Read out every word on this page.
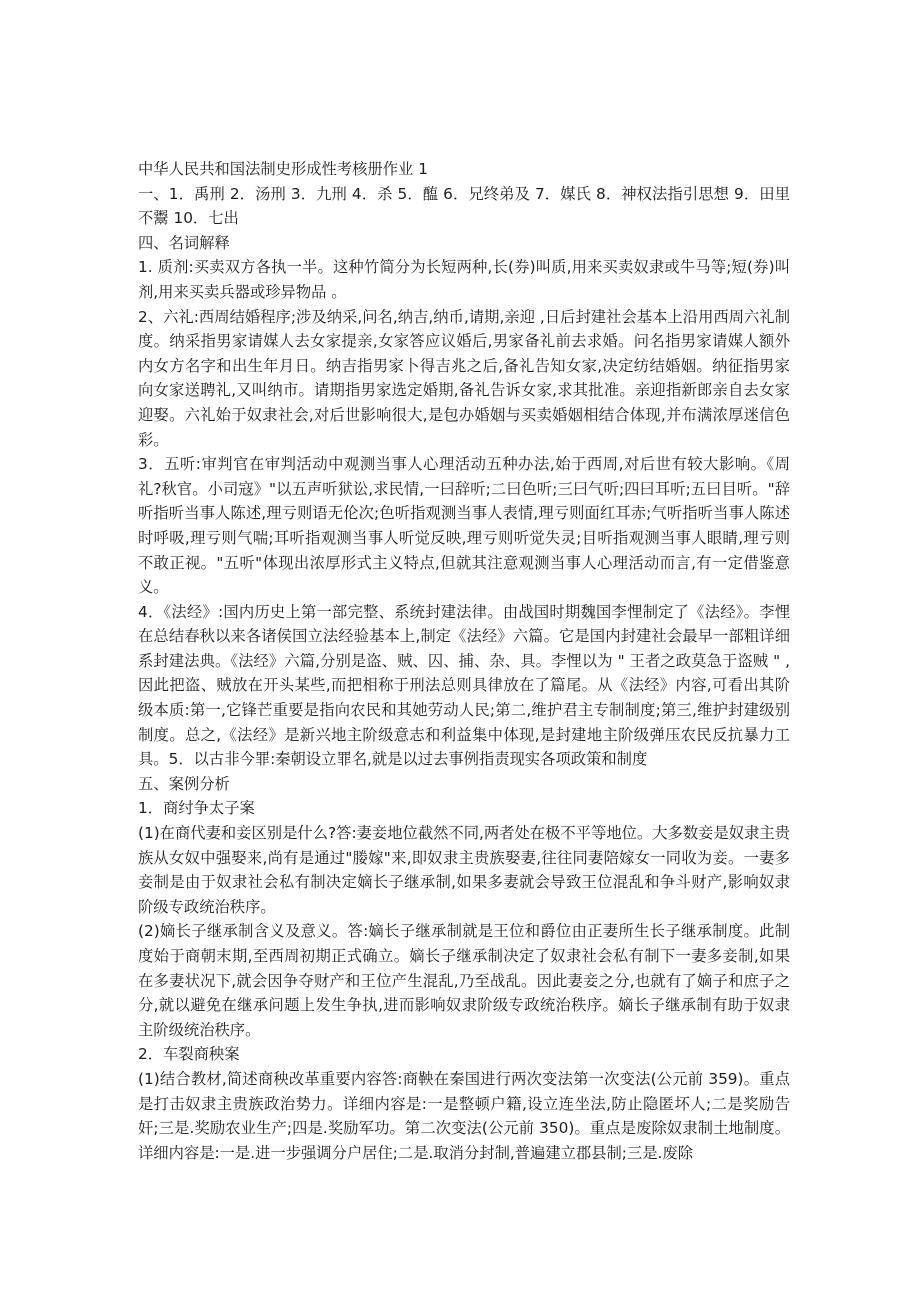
中华人民共和国法制史形成性考核册作业 1

一、1．禹刑 2．汤刑 3．九刑 4．杀 5．醢 6．兄终弟及 7．媒氏 8．神权法指引思想 9．田里不鬻 10．七出

四、名词解释

1. 质剂:买卖双方各执一半。这种竹简分为长短两种,长(券)叫质,用来买卖奴隶或牛马等;短(券)叫剂,用来买卖兵器或珍异物品 。

2、六礼:西周结婚程序;涉及纳采,问名,纳吉,纳币,请期,亲迎 ,日后封建社会基本上沿用西周六礼制度。纳采指男家请媒人去女家提亲,女家答应议婚后,男家备礼前去求婚。问名指男家请媒人额外内女方名字和出生年月日。纳吉指男家卜得吉兆之后,备礼告知女家,决定纺结婚姻。纳征指男家向女家送聘礼,又叫纳市。请期指男家选定婚期,备礼告诉女家,求其批准。亲迎指新郎亲自去女家迎娶。六礼始于奴隶社会,对后世影响很大,是包办婚姻与买卖婚姻相结合体现,并布满浓厚迷信色彩。

3．五听:审判官在审判活动中观测当事人心理活动五种办法,始于西周,对后世有较大影响。《周礼?秋官。小司寇》"以五声听狱讼,求民情,一曰辞听;二曰色听;三曰气听;四曰耳听;五曰目听。"辞听指听当事人陈述,理亏则语无伦次;色听指观测当事人表情,理亏则面红耳赤;气听指听当事人陈述时呼吸,理亏则气喘;耳听指观测当事人听觉反映,理亏则听觉失灵;目听指观测当事人眼睛,理亏则不敢正视。"五听"体现出浓厚形式主义特点,但就其注意观测当事人心理活动而言,有一定借鉴意义。

4．《法经》:国内历史上第一部完整、系统封建法律。由战国时期魏国李悝制定了《法经》。李悝在总结春秋以来各诸侯国立法经验基本上,制定《法经》六篇。它是国内封建社会最早一部粗详细系封建法典。《法经》六篇,分别是盗、贼、囚、捕、杂、具。李悝以为 " 王者之政莫急于盗贼 " ,因此把盗、贼放在开头某些,而把相称于刑法总则具律放在了篇尾。从《法经》内容,可看出其阶级本质:第一,它锋芒重要是指向农民和其她劳动人民;第二,维护君主专制制度;第三,维护封建级别制度。总之,《法经》是新兴地主阶级意志和利益集中体现,是封建地主阶级弹压农民反抗暴力工具。5．以古非今罪:秦朝设立罪名,就是以过去事例指责现实各项政策和制度

五、案例分析

1．商纣争太子案

(1)在商代妻和妾区别是什么?答:妻妾地位截然不同,两者处在极不平等地位。大多数妾是奴隶主贵族从女奴中强娶来,尚有是通过"媵嫁"来,即奴隶主贵族娶妻,往往同妻陪嫁女一同收为妾。一妻多妾制是由于奴隶社会私有制决定嫡长子继承制,如果多妻就会导致王位混乱和争斗财产,影响奴隶阶级专政统治秩序。

(2)嫡长子继承制含义及意义。答:嫡长子继承制就是王位和爵位由正妻所生长子继承制度。此制度始于商朝末期,至西周初期正式确立。嫡长子继承制决定了奴隶社会私有制下一妻多妾制,如果在多妻状况下,就会因争夺财产和王位产生混乱,乃至战乱。因此妻妾之分,也就有了嫡子和庶子之分,就以避免在继承问题上发生争执,进而影响奴隶阶级专政统治秩序。嫡长子继承制有助于奴隶主阶级统治秩序。

2．车裂商秧案

(1)结合教材,简述商秧改革重要内容答:商鞅在秦国进行两次变法第一次变法(公元前 359)。重点是打击奴隶主贵族政治势力。详细内容是:一是整顿户籍,设立连坐法,防止隐匿坏人;二是奖励告奸;三是.奖励农业生产;四是.奖励军功。第二次变法(公元前 350)。重点是废除奴隶制土地制度。详细内容是:一是.进一步强调分户居住;二是.取消分封制,普遍建立郡县制;三是.废除
